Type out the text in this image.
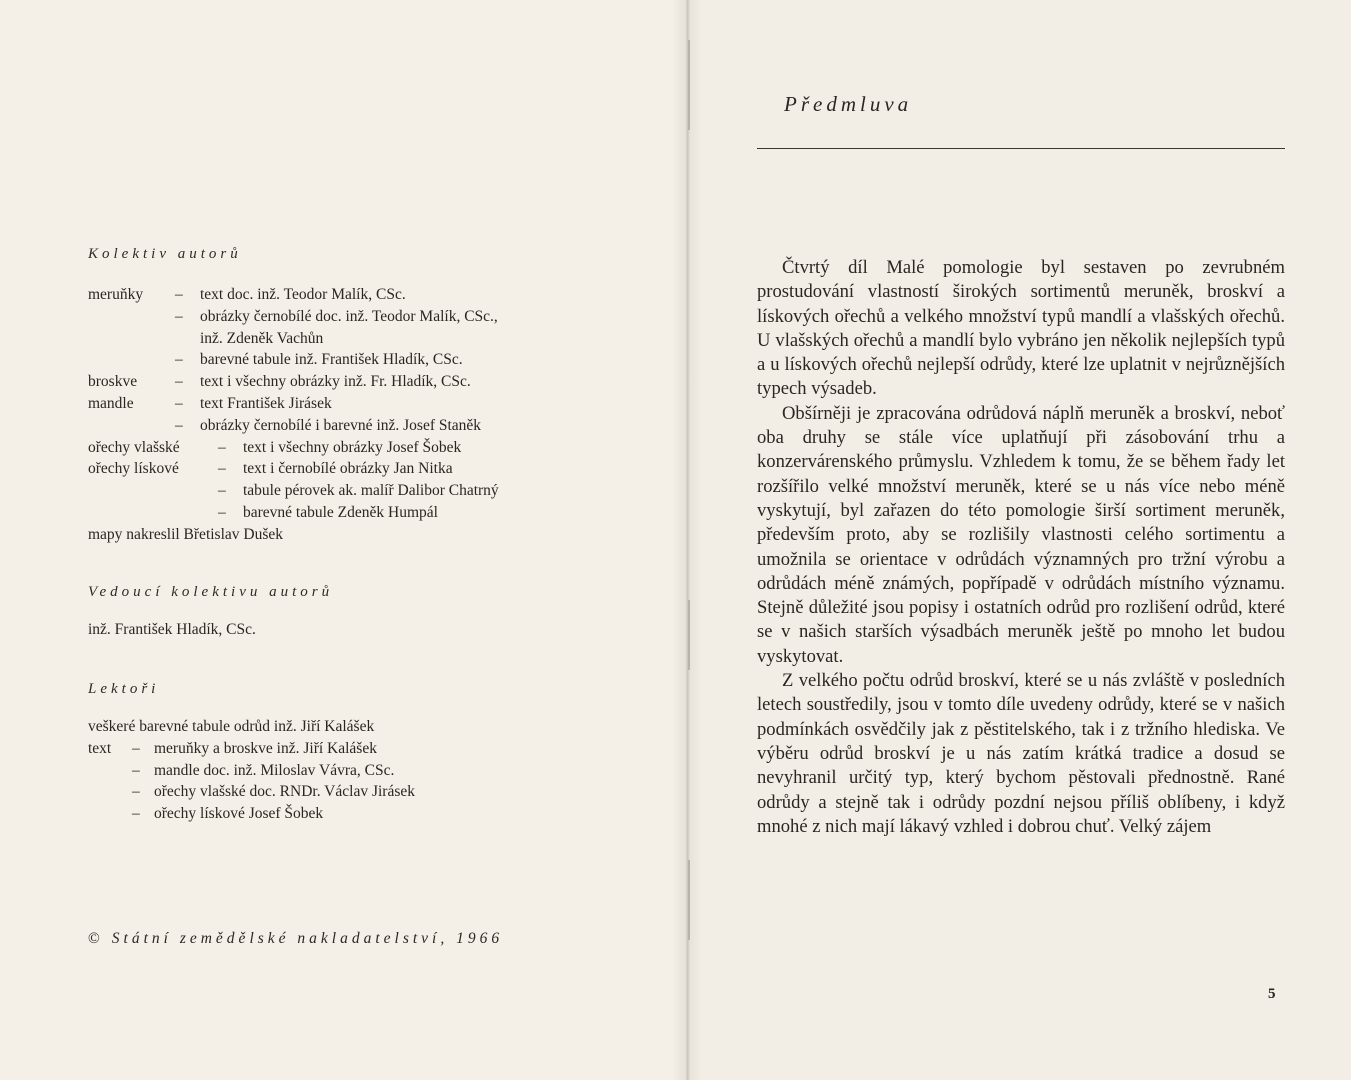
Kolektiv autorů
meruňky – text doc. inž. Teodor Malík, CSc.
– obrázky černobílé doc. inž. Teodor Malík, CSc.,
inž. Zdeněk Vachůn
– barevné tabule inž. František Hladík, CSc.
broskve – text i všechny obrázky inž. Fr. Hladík, CSc.
mandle	– text František Jirásek
– obrázky černobílé i barevné inž. Josef Staněk
ořechy vlašské – text i všechny obrázky Josef Šobek
ořechy lískové	– text i černobílé obrázky Jan Nitka
– tabule pérovek ak. malíř Dalibor Chatrný
– barevné tabule Zdeněk Humpál
mapy nakreslil Břetislav Dušek
Vedoucí kolektivu autorů
inž. František Hladík, CSc.
Lektoři
veškeré barevné tabule odrůd inž. Jiří Kalášek
text – meruňky a broskve inž. Jiří Kalášek
– mandle doc. inž. Miloslav Vávra, CSc.
– ořechy vlašské doc. RNDr. Václav Jirásek
– ořechy lískové Josef Šobek
© Státní zemědělské nakladatelství, 1966
Předmluva

Čtvrtý díl Malé pomologie byl sestaven po zevrubném prostudování vlastností širokých sortimentů meruněk, broskví a lískových ořechů a velkého množství typů mandlí a vlašských ořechů. U vlašských ořechů a mandlí bylo vybráno jen několik nejlepších typů a u lískových ořechů nejlepší odrůdy, které lze uplatnit v nejrůznějších typech výsadeb.

Obšírněji je zpracována odrůdová náplň meruněk a broskví, neboť oba druhy se stále více uplatňují při zásobování trhu a konzervárenského průmyslu. Vzhledem k tomu, že se během řady let rozšířilo velké množství meruněk, které se u nás více nebo méně vyskytují, byl zařazen do této pomologie širší sortiment meruněk, především proto, aby se rozlišily vlastnosti celého sortimentu a umožnila se orientace v odrůdách významných pro tržní výrobu a odrůdách méně známých, popřípadě v odrůdách místního významu. Stejně důležité jsou popisy i ostatních odrůd pro rozlišení odrůd, které se v našich starších výsadbách meruněk ještě po mnoho let budou vyskytovat.

Z velkého počtu odrůd broskví, které se u nás zvláště v posledních letech soustředily, jsou v tomto díle uvedeny odrůdy, které se v našich podmínkách osvědčily jak z pěstitelského, tak i z tržního hlediska. Ve výběru odrůd broskví je u nás zatím krátká tradice a dosud se nevyhranil určitý typ, který bychom pěstovali přednostně. Rané odrůdy a stejně tak i odrůdy pozdní nejsou příliš oblíbeny, i když mnohé z nich mají lákavý vzhled i dobrou chuť. Velký zájem

5
